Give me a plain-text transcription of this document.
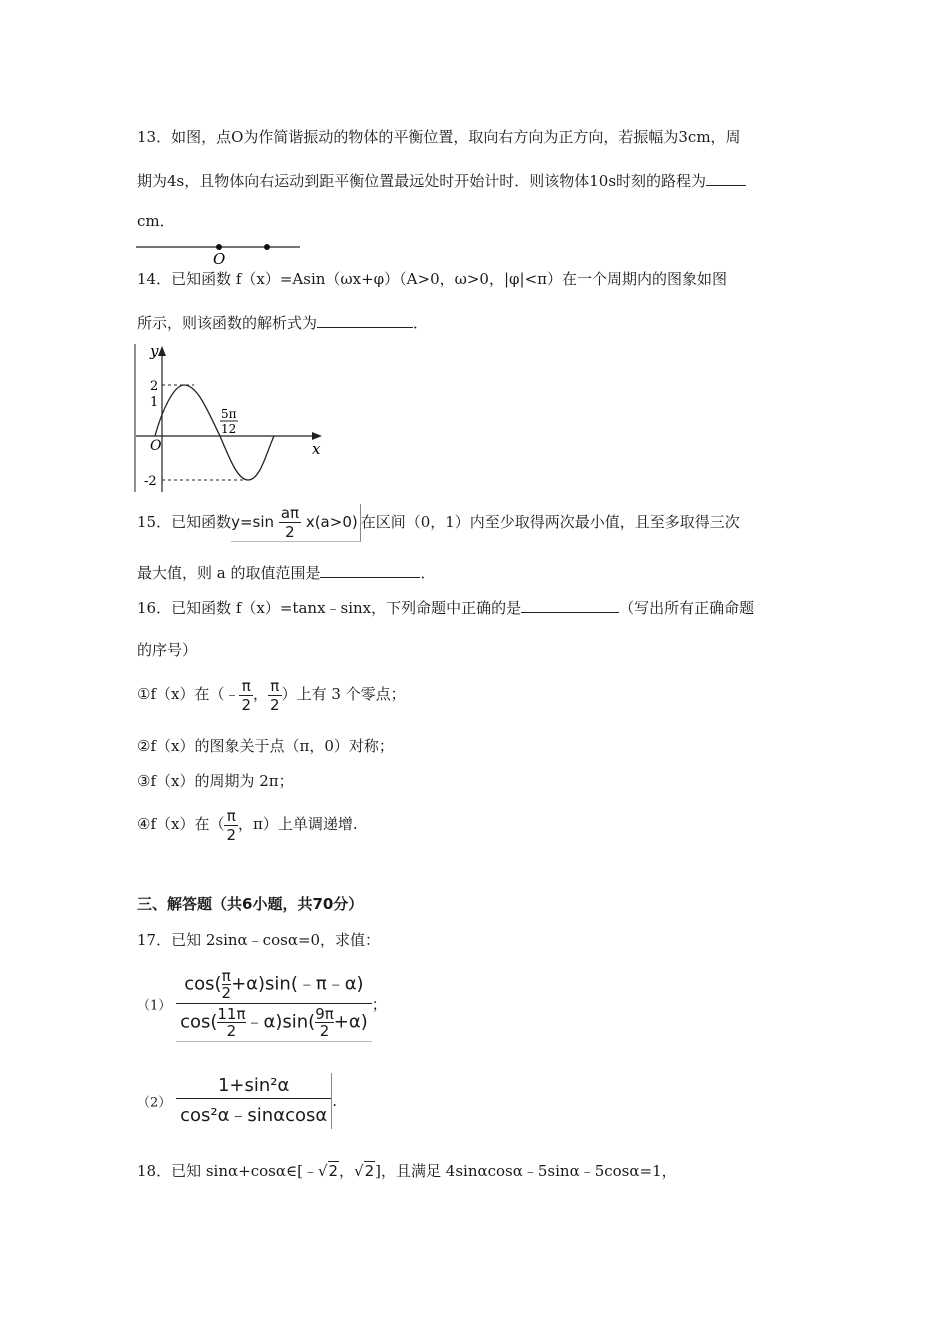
13．如图，点O为作简谐振动的物体的平衡位置，取向右方向为正方向，若振幅为3cm，周
期为4s，且物体向右运动到距平衡位置最远处时开始计时．则该物体10s时刻的路程为
cm．
O
14．已知函数 f（x）=Asin（ωx+φ）（A>0，ω>0，|φ|<π）在一个周期内的图象如图
所示，则该函数的解析式为	．
y
x
O
2
1
-2
5π
12
15．已知函数$y=\sin \frac{a\pi}{2} x(a>0)$ 在区间（0，1）内至少取得两次最小值，且至多取得三次
最大值，则 a 的取值范围是	．
16．已知函数 f（x）=tanx﹣sinx，下列命题中正确的是	（写出所有正确命题
的序号）
①f（x）在（﹣ $\frac{\pi}{2}$ ， $\frac{\pi}{2}$ ）上有 3 个零点；
②f（x）的图象关于点（π，0）对称；
③f（x）的周期为 2π；
④f（x）在（ $\frac{\pi}{2}$ ，π）上单调递增.
三、解答题（共6小题，共70分）
17．已知 2sinα﹣cosα=0，求值：
$(1) \frac{\cos( \frac{\pi}{2} +\alpha)\sin(﹣\pi﹣\alpha)}{\cos( \frac{11\pi}{2} ﹣\alpha)\sin( \frac{9\pi}{2} +\alpha)}$ ；
$(2) \frac{\text{1+sin²α}}{\text{cos²α﹣sinαcosα}}$ .
18．已知 sinα+cosα∈[﹣√2，√2]，且满足 4sinαcosα﹣5sinα﹣5cosα=1，
